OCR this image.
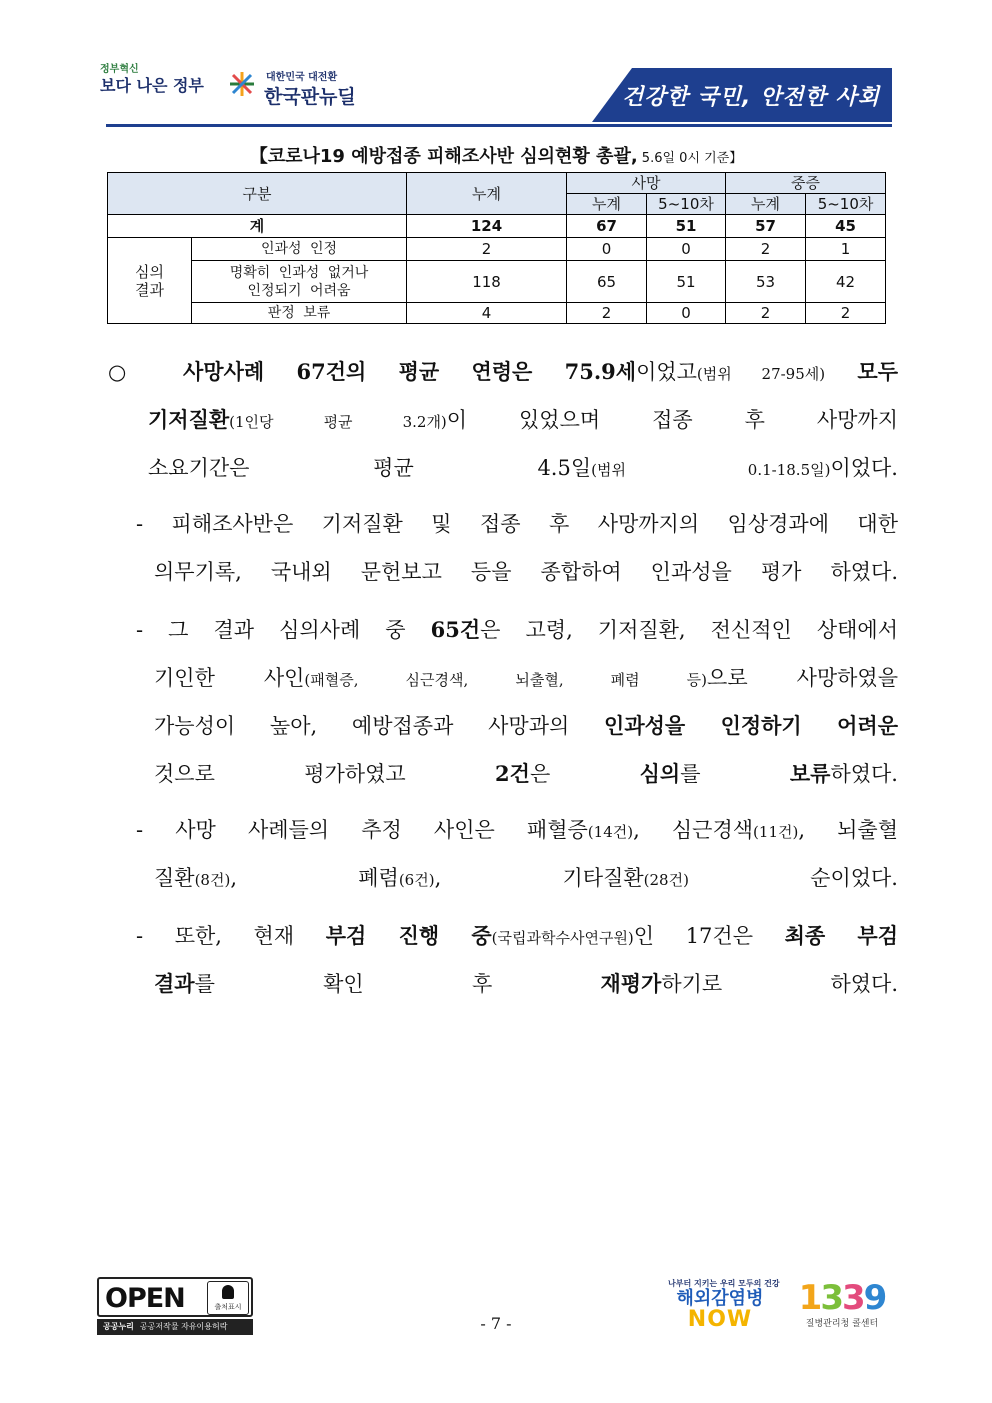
정부혁신
보다 나은 정부	대한민국 대전환
한국판뉴딜	건강한 국민, 안전한 사회
【코로나19 예방접종 피해조사반 심의현황 총괄, 5.6일 0시 기준】
구분		누계	사망		중증	
			누계	5~10차	누계	5~10차
계		124	67	51	57	45
심의
결과	인과성 인정	2	0	0	2	1
	명확히 인과성 없거나
인정되기 어려움	118	65	51	53	42
	판정 보류	4	2	0	2	2
○ 사망사례 67건의 평균 연령은 75.9세이었고(범위 27-95세) 모두
기저질환(1인당 평균 3.2개)이 있었으며 접종 후 사망까지
소요기간은 평균 4.5일(범위 0.1-18.5일)이었다.
- 피해조사반은 기저질환 및 접종 후 사망까지의 임상경과에 대한
의무기록, 국내외 문헌보고 등을 종합하여 인과성을 평가 하였다.
- 그 결과 심의사례 중 65건은 고령, 기저질환, 전신적인 상태에서
기인한 사인(패혈증, 심근경색, 뇌출혈, 폐렴 등)으로 사망하였을
가능성이 높아, 예방접종과 사망과의 인과성을 인정하기 어려운
것으로 평가하였고 2건은 심의를 보류하였다.
- 사망 사례들의 추정 사인은 패혈증(14건), 심근경색(11건), 뇌출혈
질환(8건), 폐렴(6건), 기타질환(28건) 순이었다.
- 또한, 현재 부검 진행 중(국립과학수사연구원)인 17건은 최종 부검
결과를 확인 후 재평가하기로 하였다.
OPEN	출처표시
공공누리 공공저작물 자유이용허락	- 7 -
나부터 지키는 우리 모두의 건강
해외감염병
NOW
1339
질병관리청 콜센터
